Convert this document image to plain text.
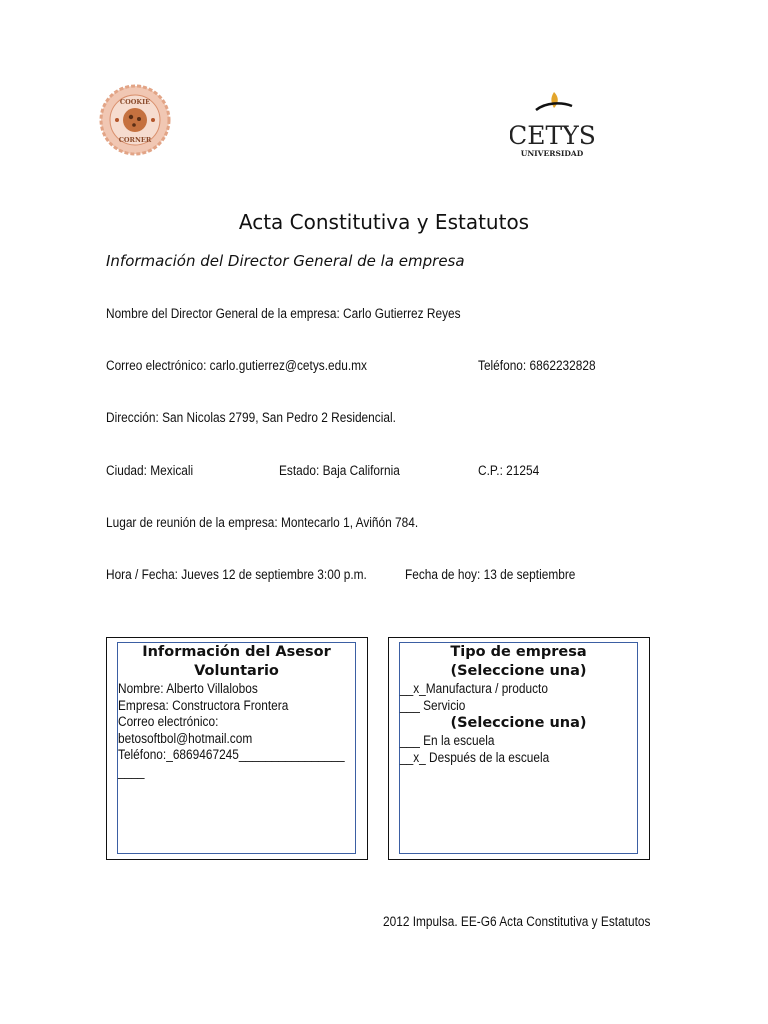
COOKIE
CORNER	CETYS
UNIVERSIDAD
Acta Constitutiva y Estatutos
Información del Director General de la empresa
Nombre del Director General de la empresa: Carlo Gutierrez Reyes
Correo electrónico: carlo.gutierrez@cetys.edu.mx	Teléfono: 6862232828
Dirección: San Nicolas 2799, San Pedro 2 Residencial.
Ciudad: Mexicali	Estado: Baja California	C.P.: 21254
Lugar de reunión de la empresa: Montecarlo 1, Aviñón 784.
Hora / Fecha: Jueves 12 de septiembre 3:00 p.m.	Fecha de hoy: 13 de septiembre
Información del Asesor
Voluntario
Nombre: Alberto Villalobos
Empresa: Constructora Frontera
Correo electrónico:
betosoftbol@hotmail.com
Teléfono:_6869467245________________
____
Tipo de empresa
(Seleccione una)
__x_Manufactura / producto
___ Servicio
(Seleccione una)
___ En la escuela
__x_ Después de la escuela
2012 Impulsa. EE-G6 Acta Constitutiva y Estatutos
